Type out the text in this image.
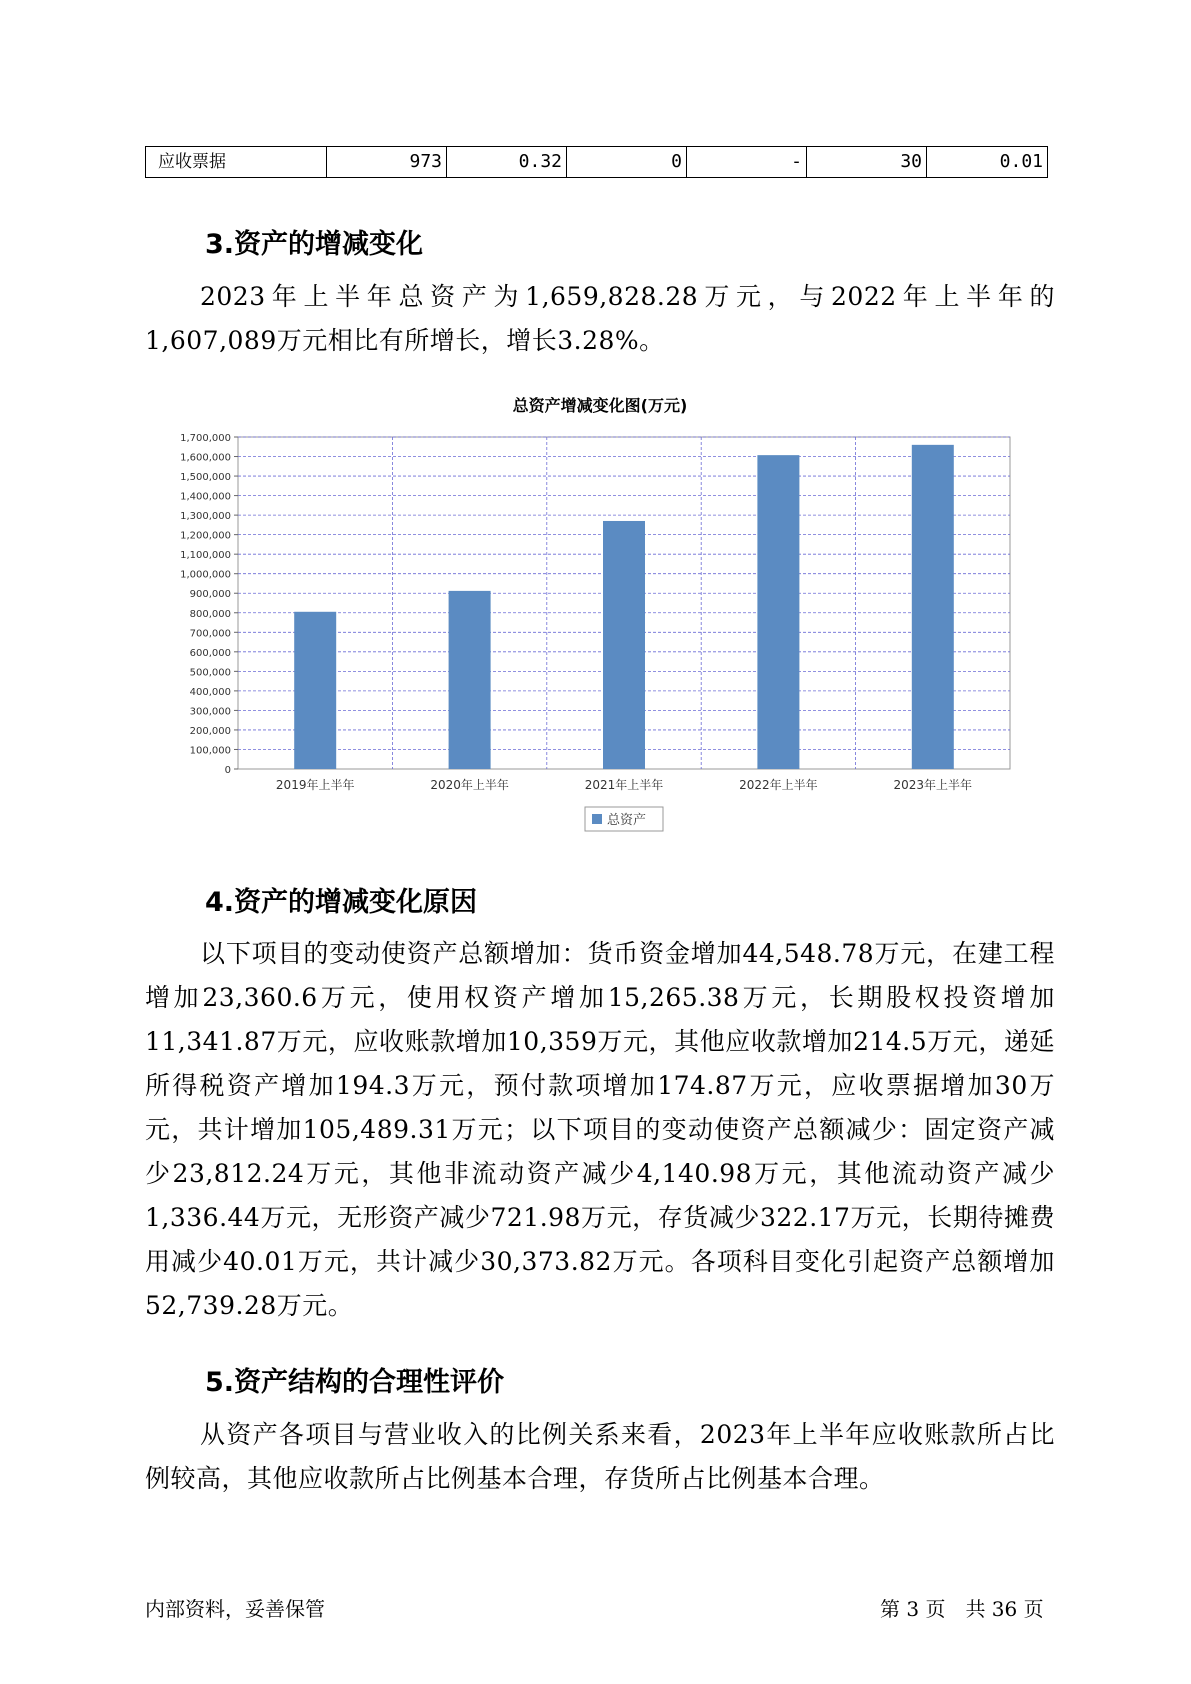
应收票据	973	0.32	0	-	30	0.01
3.资产的增减变化
2023年上半年总资产为1,659,828.28万元，与2022年上半年的1,607,089万元相比有所增长，增长3.28%。
总资产增减变化图(万元)
0
100,000
200,000
300,000
400,000
500,000
600,000
700,000
800,000
900,000
1,000,000
1,100,000
1,200,000
1,300,000
1,400,000
1,500,000
1,600,000
1,700,000
2019年上半年	2020年上半年	2021年上半年	2022年上半年	2023年上半年
总资产
4.资产的增减变化原因
以下项目的变动使资产总额增加：货币资金增加44,548.78万元，在建工程增加23,360.6万元，使用权资产增加15,265.38万元，长期股权投资增加11,341.87万元，应收账款增加10,359万元，其他应收款增加214.5万元，递延所得税资产增加194.3万元，预付款项增加174.87万元，应收票据增加30万元，共计增加105,489.31万元；以下项目的变动使资产总额减少：固定资产减少23,812.24万元，其他非流动资产减少4,140.98万元，其他流动资产减少1,336.44万元，无形资产减少721.98万元，存货减少322.17万元，长期待摊费用减少40.01万元，共计减少30,373.82万元。各项科目变化引起资产总额增加52,739.28万元。
5.资产结构的合理性评价
从资产各项目与营业收入的比例关系来看，2023年上半年应收账款所占比例较高，其他应收款所占比例基本合理，存货所占比例基本合理。
内部资料，妥善保管	第 3 页　共 36 页
